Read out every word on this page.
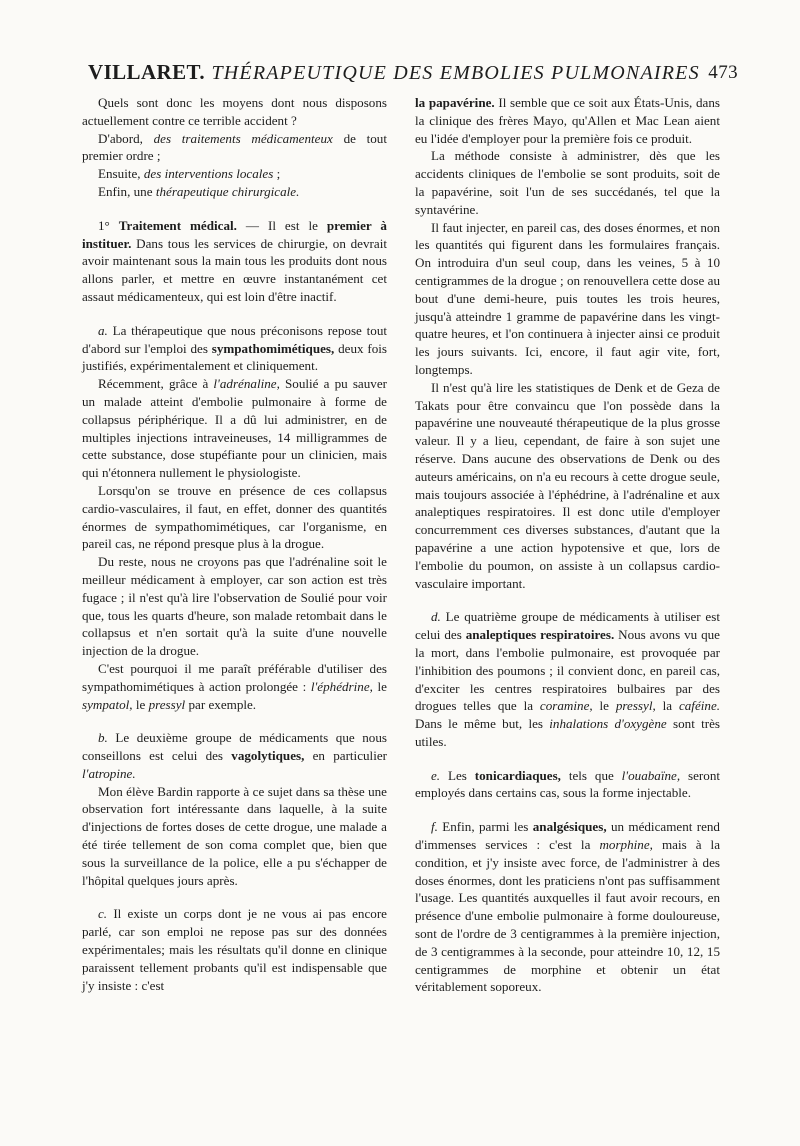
VILLARET. THÉRAPEUTIQUE DES EMBOLIES PULMONAIRES 473

Quels sont donc les moyens dont nous disposons actuellement contre ce terrible accident ?

D'abord, des traitements médicamenteux de tout premier ordre ;

Ensuite, des interventions locales ;

Enfin, une thérapeutique chirurgicale.

1° Traitement médical. — Il est le premier à instituer. Dans tous les services de chirurgie, on devrait avoir maintenant sous la main tous les produits dont nous allons parler, et mettre en œuvre instantanément cet assaut médicamenteux, qui est loin d'être inactif.

a. La thérapeutique que nous préconisons repose tout d'abord sur l'emploi des sympathomimétiques, deux fois justifiés, expérimentalement et cliniquement.

Récemment, grâce à l'adrénaline, Soulié a pu sauver un malade atteint d'embolie pulmonaire à forme de collapsus périphérique. Il a dû lui administrer, en de multiples injections intraveineuses, 14 milligrammes de cette substance, dose stupéfiante pour un clinicien, mais qui n'étonnera nullement le physiologiste.

Lorsqu'on se trouve en présence de ces collapsus cardio-vasculaires, il faut, en effet, donner des quantités énormes de sympathomimétiques, car l'organisme, en pareil cas, ne répond presque plus à la drogue.

Du reste, nous ne croyons pas que l'adrénaline soit le meilleur médicament à employer, car son action est très fugace ; il n'est qu'à lire l'observation de Soulié pour voir que, tous les quarts d'heure, son malade retombait dans le collapsus et n'en sortait qu'à la suite d'une nouvelle injection de la drogue.

C'est pourquoi il me paraît préférable d'utiliser des sympathomimétiques à action prolongée : l'éphédrine, le sympatol, le pressyl par exemple.

b. Le deuxième groupe de médicaments que nous conseillons est celui des vagolytiques, en particulier l'atropine.

Mon élève Bardin rapporte à ce sujet dans sa thèse une observation fort intéressante dans laquelle, à la suite d'injections de fortes doses de cette drogue, une malade a été tirée tellement de son coma complet que, bien que sous la surveillance de la police, elle a pu s'échapper de l'hôpital quelques jours après.

c. Il existe un corps dont je ne vous ai pas encore parlé, car son emploi ne repose pas sur des données expérimentales; mais les résultats qu'il donne en clinique paraissent tellement probants qu'il est indispensable que j'y insiste : c'est

la papavérine. Il semble que ce soit aux États-Unis, dans la clinique des frères Mayo, qu'Allen et Mac Lean aient eu l'idée d'employer pour la première fois ce produit.

La méthode consiste à administrer, dès que les accidents cliniques de l'embolie se sont produits, soit de la papavérine, soit l'un de ses succédanés, tel que la syntavérine.

Il faut injecter, en pareil cas, des doses énormes, et non les quantités qui figurent dans les formulaires français. On introduira d'un seul coup, dans les veines, 5 à 10 centigrammes de la drogue ; on renouvellera cette dose au bout d'une demi-heure, puis toutes les trois heures, jusqu'à atteindre 1 gramme de papavérine dans les vingt-quatre heures, et l'on continuera à injecter ainsi ce produit les jours suivants. Ici, encore, il faut agir vite, fort, longtemps.

Il n'est qu'à lire les statistiques de Denk et de Geza de Takats pour être convaincu que l'on possède dans la papavérine une nouveauté thérapeutique de la plus grosse valeur. Il y a lieu, cependant, de faire à son sujet une réserve. Dans aucune des observations de Denk ou des auteurs américains, on n'a eu recours à cette drogue seule, mais toujours associée à l'éphédrine, à l'adrénaline et aux analeptiques respiratoires. Il est donc utile d'employer concurremment ces diverses substances, d'autant que la papavérine a une action hypotensive et que, lors de l'embolie du poumon, on assiste à un collapsus cardio-vasculaire important.

d. Le quatrième groupe de médicaments à utiliser est celui des analeptiques respiratoires. Nous avons vu que la mort, dans l'embolie pulmonaire, est provoquée par l'inhibition des poumons ; il convient donc, en pareil cas, d'exciter les centres respiratoires bulbaires par des drogues telles que la coramine, le pressyl, la caféine. Dans le même but, les inhalations d'oxygène sont très utiles.

e. Les tonicardiaques, tels que l'ouabaïne, seront employés dans certains cas, sous la forme injectable.

f. Enfin, parmi les analgésiques, un médicament rend d'immenses services : c'est la morphine, mais à la condition, et j'y insiste avec force, de l'administrer à des doses énormes, dont les praticiens n'ont pas suffisamment l'usage. Les quantités auxquelles il faut avoir recours, en présence d'une embolie pulmonaire à forme douloureuse, sont de l'ordre de 3 centigrammes à la première injection, de 3 centigrammes à la seconde, pour atteindre 10, 12, 15 centigrammes de morphine et obtenir un état véritablement soporeux.
